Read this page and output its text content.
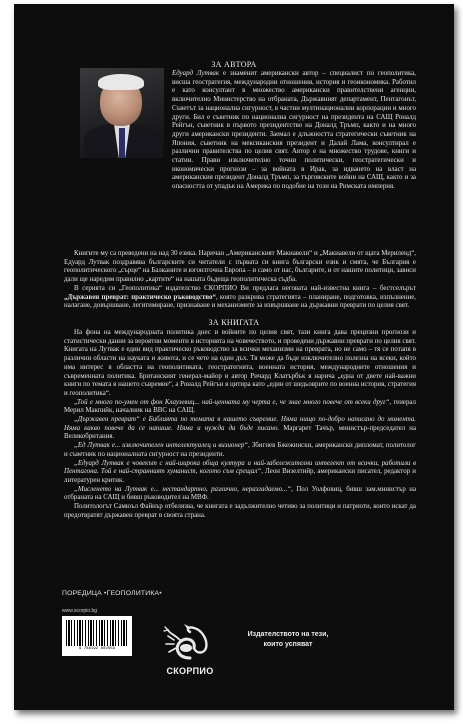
ЗА АВТОРА

Едуард Лутвак е знаменит американски автор – специалист по геополитика, висша геостратегия, международни отношения, история и геоикономика. Работил е като консултант в множество американски правителствени агенции, включително Министерство на отбраната, Държавният департамент, Пентагонът, Съветът за национална сигурност, в частни мултинационални корпорации и много други. Бил е съветник по национална сигурност на президента на САЩ Роналд Рейгън, съветник в първото президентство на Доналд Тръмп, както и на много други американски президенти. Заемал е длъжността стратегически съветник на Япония, съветник на мексиканския президент и Далай Лама, консултирал е различни правителства по целия свят. Автор е на множество трудове, книги и статии. Прави изключително точни политически, геостратегически и икономически прогнози – за войната в Ирак, за идването на власт на американския президент Доналд Тръмп, за търговските войни на САЩ, както и за опасността от упадък на Америка по подобие на този на Римската империя.

Книгите му са преведени на над 30 езика. Наричан „Американският Макиавели“ и „Макиавели от щата Мериленд“, Едуард Лутвак поздравява българските си читатели с първата си книга български език и смята, че България е геополитического „сърце“ на Балканите и югоизточна Европа – и само от нас, българите, и от нашите политици, зависи дали ще наредим правилно „картите“ на нашата бъдеща геополитическа съдба.

В серията си „Геополитика“ издателство СКОРПИО Ви предлага неговата най-известна книга – бестселърът „Държавен преврат: практическо ръководство“, която разкрива стратегията – планиране, подготовка, изпълнение, налагане, довършване, легитимиране, признаване и механизмите за извършване на държавни преврати по целия свят.

ЗА КНИГАТА

На фона на международната политика днес и войните по целия свят, тази книга дава прецизни прогнози и статистически данни за вероятни моменти в историята на човечеството, и проведени държавни преврати по целия свят. Книгата на Лутвак е един вид практическо ръководство за всички механизми на преврата, но не само – тя се потапя в различни области на науката и живота, и се чете на един дъх. Тя може да бъде изключително полезна на всеки, който има интерес в областта на геополитиката, геостратегията, военната история, международните отношения и съвременната политика. Британският генерал-майор и автор Ричард Клатърбък я нарича „една от двете най-важни книги по темата в нашето съвремие“, а Роналд Рейгън я цитира като „един от шедьоврите по военна история, стратегия и геополитика“.

„Той е много по-умен от фон Клаузевиц... най-ценната му черта е, че знае много повече от всеки друг“, генерал Мерил Макпийк, началник на ВВС на САЩ.

„Държавен преврат“ е Библията по темата в нашето съвремие. Няма нищо по-добро написано до момента. Няма какво повече да се напише. Няма и нужда да бъде писано. Маргарет Тачър, министър-председател на Великобритания.

„Ед Лутвак е... изключителен интелектуалец и визионер“, Збигнев Бжежински, американски дипломат, политолог и съветник по националната сигурност на президенти.

„Едуард Лутвак е човекът с най-широка обща култура и най-забележителни интелект от всички, работили в Пентагона. Той е най-странният хуманист, когото съм срещал“, Леон Визелтийр, американски писател, редактор и литературен критик.

„Мисленето на Лутвак е... нестандартно, различно, неразгадаемо...“, Пол Уолфовиц, бивш зам.министър на отбраната на САЩ и бивш ръководител на МВФ.

Политологът Самюъл Файнър отбелязва, че книгата е задължително четиво за политици и патриоти, които искат да предотвратят държавен преврат в своята страна.

ПОРЕДИЦА •ГЕОПОЛИТИКА•
www.scorpio.bg
9 786192 602659
СКОРПИО
Издателството на тези,
които успяват
